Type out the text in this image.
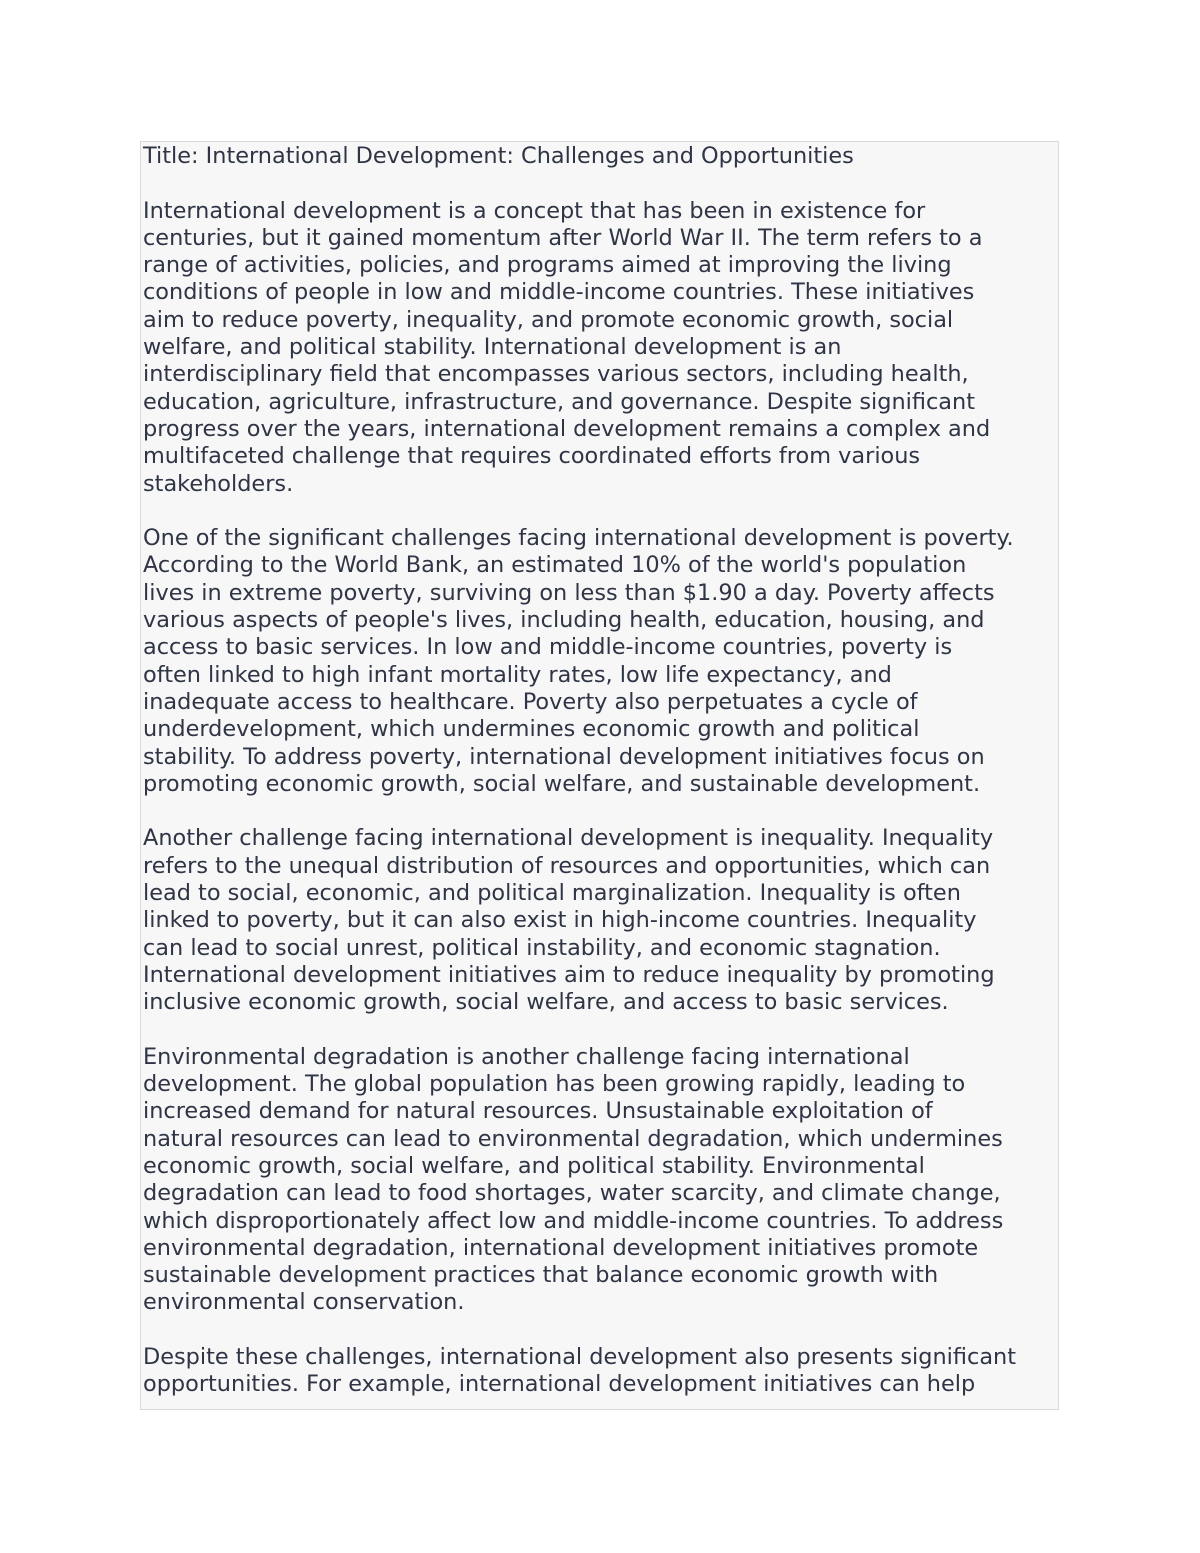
Title: International Development: Challenges and Opportunities
International development is a concept that has been in existence for
centuries, but it gained momentum after World War II. The term refers to a
range of activities, policies, and programs aimed at improving the living
conditions of people in low and middle-income countries. These initiatives
aim to reduce poverty, inequality, and promote economic growth, social
welfare, and political stability. International development is an
interdisciplinary field that encompasses various sectors, including health,
education, agriculture, infrastructure, and governance. Despite significant
progress over the years, international development remains a complex and
multifaceted challenge that requires coordinated efforts from various
stakeholders.
One of the significant challenges facing international development is poverty.
According to the World Bank, an estimated 10% of the world's population
lives in extreme poverty, surviving on less than $1.90 a day. Poverty affects
various aspects of people's lives, including health, education, housing, and
access to basic services. In low and middle-income countries, poverty is
often linked to high infant mortality rates, low life expectancy, and
inadequate access to healthcare. Poverty also perpetuates a cycle of
underdevelopment, which undermines economic growth and political
stability. To address poverty, international development initiatives focus on
promoting economic growth, social welfare, and sustainable development.
Another challenge facing international development is inequality. Inequality
refers to the unequal distribution of resources and opportunities, which can
lead to social, economic, and political marginalization. Inequality is often
linked to poverty, but it can also exist in high-income countries. Inequality
can lead to social unrest, political instability, and economic stagnation.
International development initiatives aim to reduce inequality by promoting
inclusive economic growth, social welfare, and access to basic services.
Environmental degradation is another challenge facing international
development. The global population has been growing rapidly, leading to
increased demand for natural resources. Unsustainable exploitation of
natural resources can lead to environmental degradation, which undermines
economic growth, social welfare, and political stability. Environmental
degradation can lead to food shortages, water scarcity, and climate change,
which disproportionately affect low and middle-income countries. To address
environmental degradation, international development initiatives promote
sustainable development practices that balance economic growth with
environmental conservation.
Despite these challenges, international development also presents significant
opportunities. For example, international development initiatives can help
